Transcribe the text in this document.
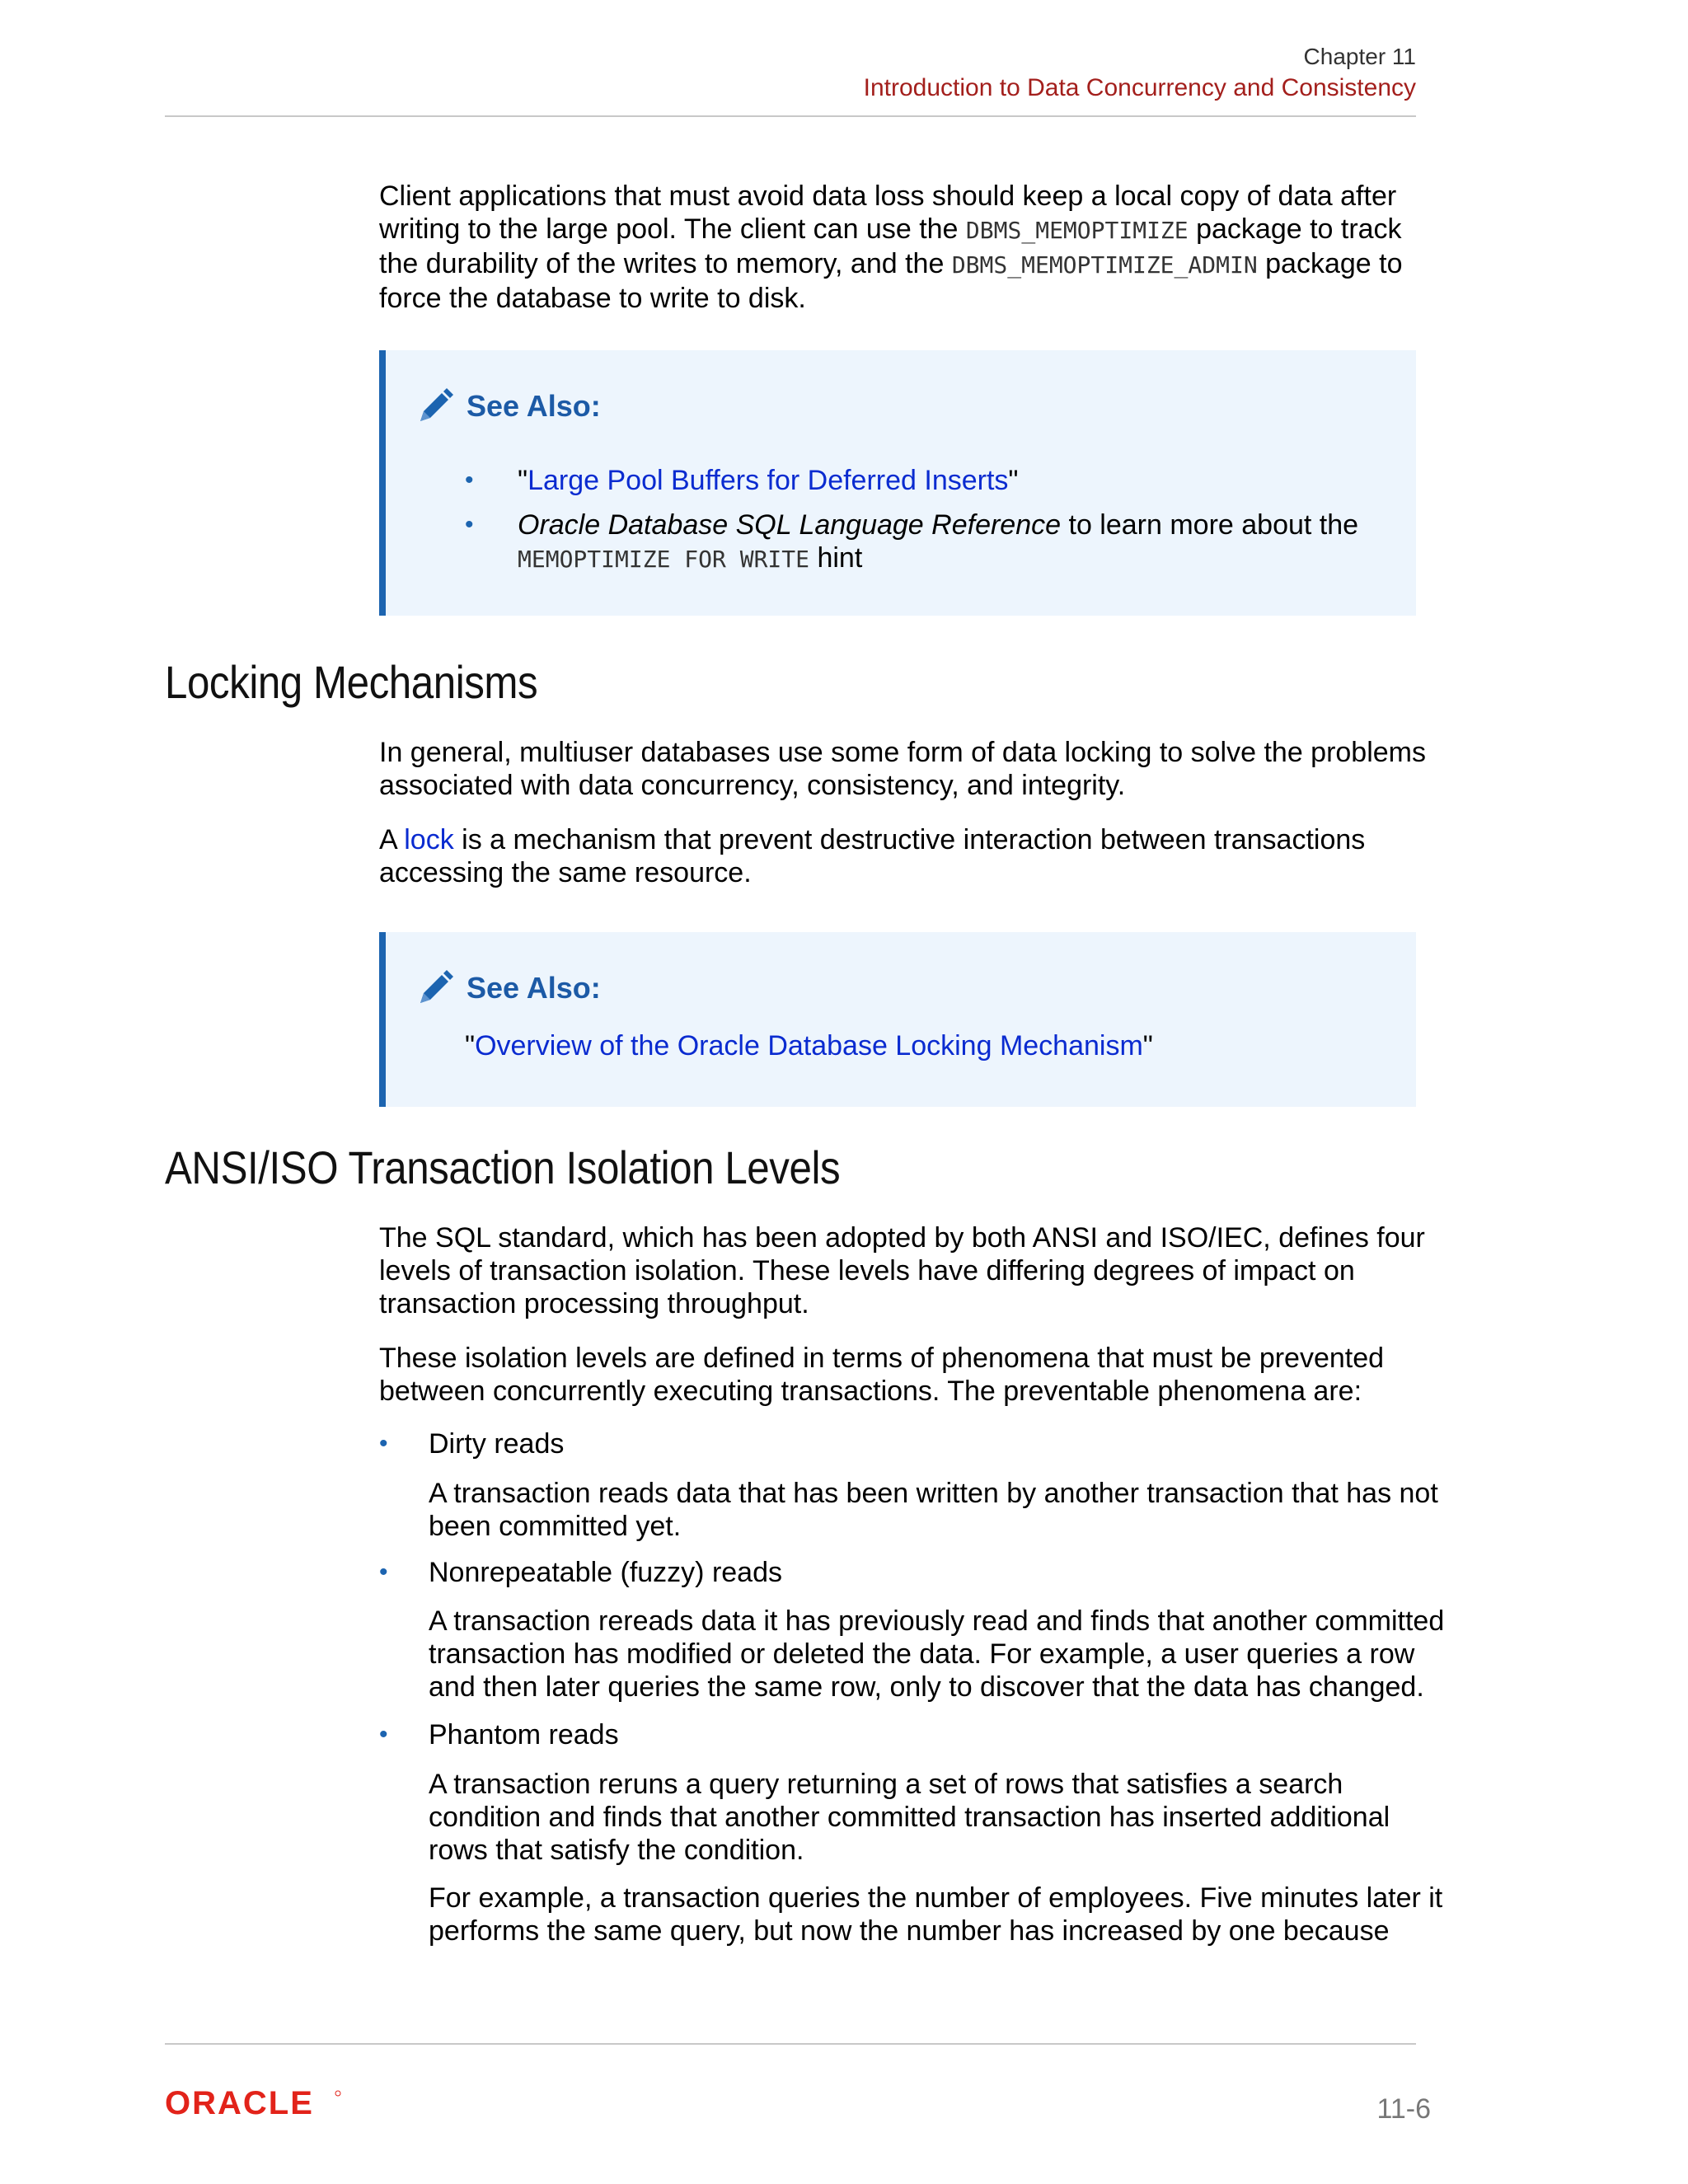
Chapter 11
Introduction to Data Concurrency and Consistency

Client applications that must avoid data loss should keep a local copy of data after writing to the large pool. The client can use the DBMS_MEMOPTIMIZE package to track the durability of the writes to memory, and the DBMS_MEMOPTIMIZE_ADMIN package to force the database to write to disk.

See Also:
• "Large Pool Buffers for Deferred Inserts"
• Oracle Database SQL Language Reference to learn more about the
MEMOPTIMIZE FOR WRITE hint
Locking Mechanisms

In general, multiuser databases use some form of data locking to solve the problems associated with data concurrency, consistency, and integrity.

A lock is a mechanism that prevent destructive interaction between transactions accessing the same resource.

See Also:
"Overview of the Oracle Database Locking Mechanism"
ANSI/ISO Transaction Isolation Levels

The SQL standard, which has been adopted by both ANSI and ISO/IEC, defines four levels of transaction isolation. These levels have differing degrees of impact on transaction processing throughput.

These isolation levels are defined in terms of phenomena that must be prevented between concurrently executing transactions. The preventable phenomena are:

• Dirty reads

A transaction reads data that has been written by another transaction that has not been committed yet.

• Nonrepeatable (fuzzy) reads

A transaction rereads data it has previously read and finds that another committed transaction has modified or deleted the data. For example, a user queries a row and then later queries the same row, only to discover that the data has changed.

• Phantom reads

A transaction reruns a query returning a set of rows that satisfies a search condition and finds that another committed transaction has inserted additional rows that satisfy the condition.

For example, a transaction queries the number of employees. Five minutes later it performs the same query, but now the number has increased by one because

ORACLE	11-6
